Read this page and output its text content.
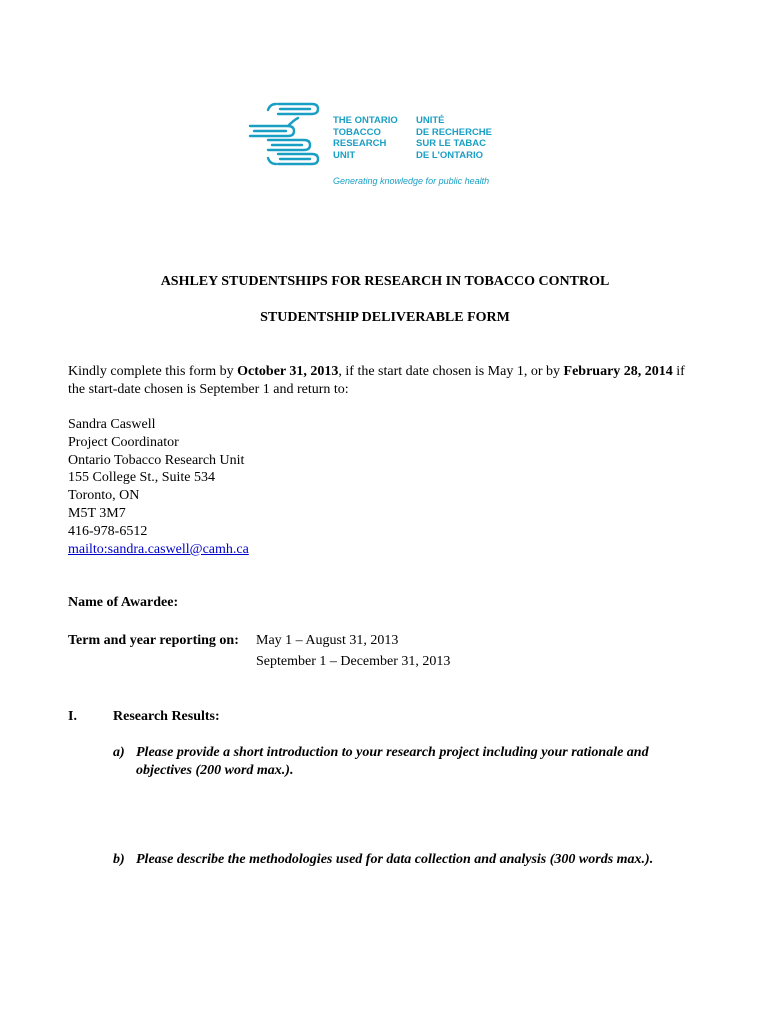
THE ONTARIO
TOBACCO
RESEARCH
UNIT
UNITÉ
DE RECHERCHE
SUR LE TABAC
DE L'ONTARIO
Generating knowledge for public health
ASHLEY STUDENTSHIPS FOR RESEARCH IN TOBACCO CONTROL
STUDENTSHIP DELIVERABLE FORM
Kindly complete this form by October 31, 2013, if the start date chosen is May 1, or by February 28, 2014 if the start-date chosen is September 1 and return to:
Sandra Caswell
Project Coordinator
Ontario Tobacco Research Unit
155 College St., Suite 534
Toronto, ON
M5T 3M7
416-978-6512
mailto:sandra.caswell@camh.ca
Name of Awardee:
Term and year reporting on: May 1 – August 31, 2013
September 1 – December 31, 2013
I.	Research Results:
a) Please provide a short introduction to your research project including your rationale and objectives (200 word max.).
b) Please describe the methodologies used for data collection and analysis (300 words max.).
